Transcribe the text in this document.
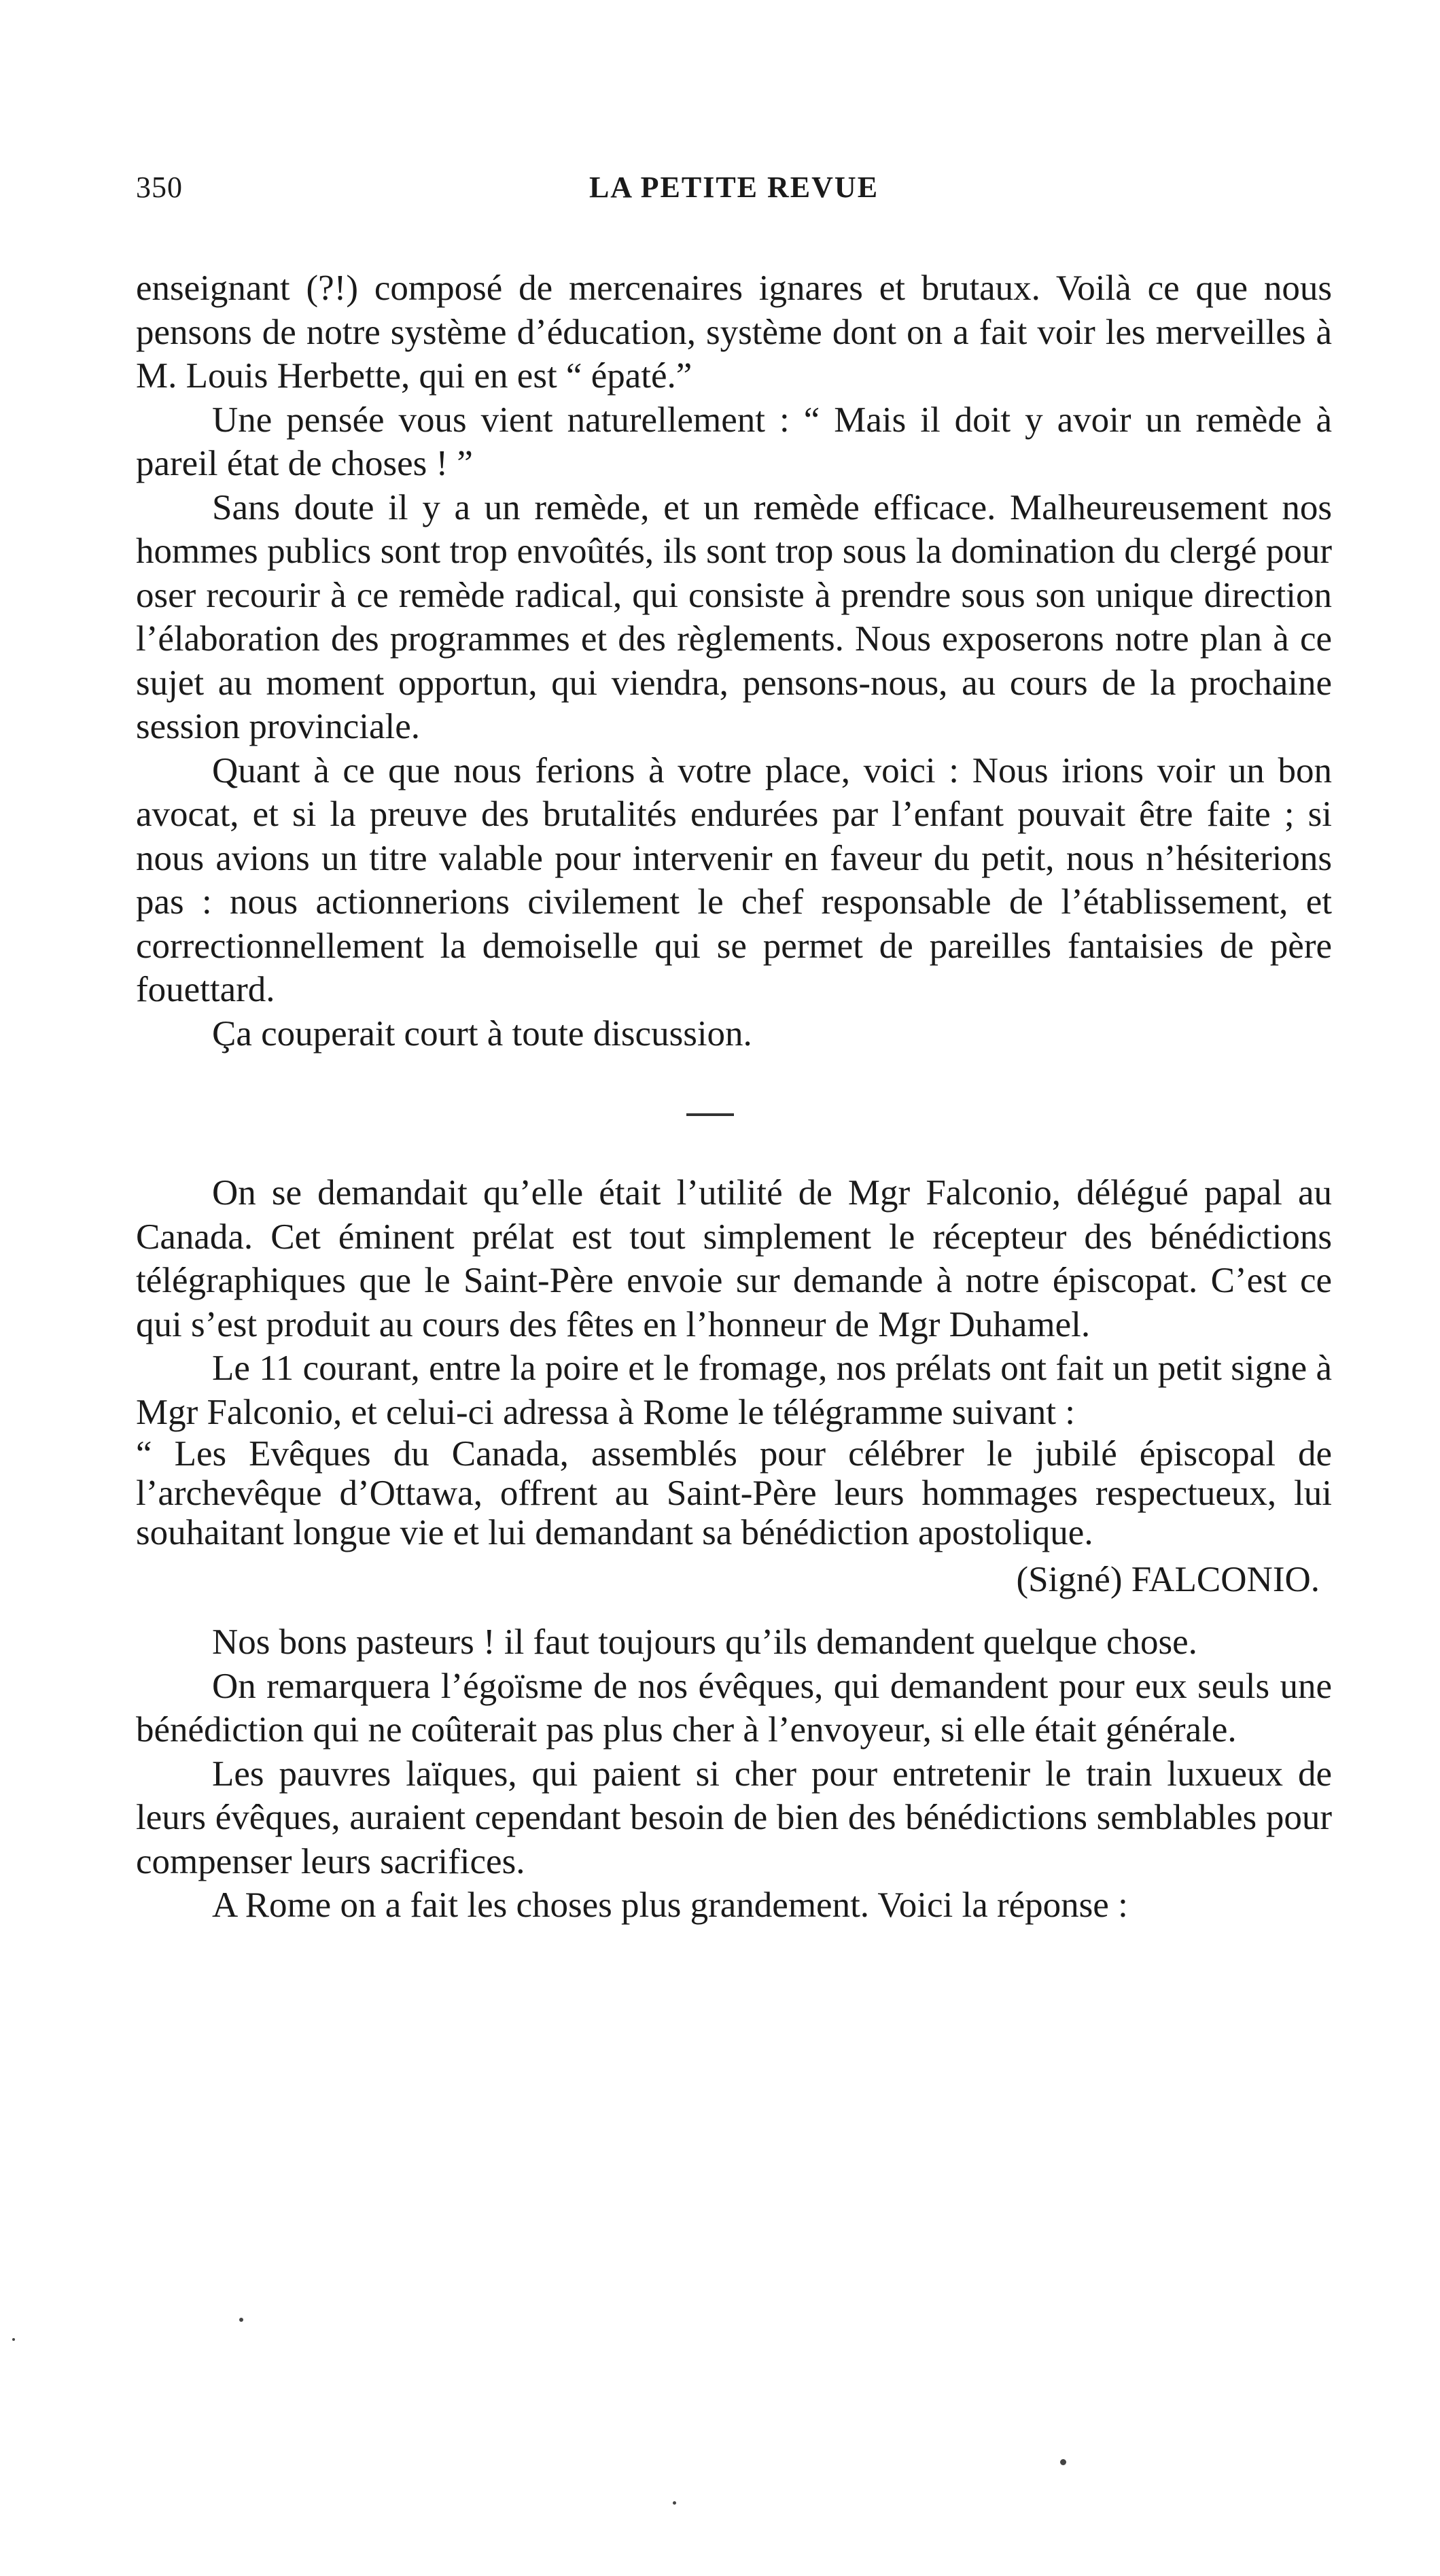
350	LA PETITE REVUE

enseignant (?!) composé de mercenaires ignares et brutaux. Voilà ce que nous pensons de notre système d’éducation, système dont on a fait voir les merveilles à M. Louis Herbette, qui en est “ épaté.”

Une pensée vous vient naturellement : “ Mais il doit y avoir un remède à pareil état de choses ! ”

Sans doute il y a un remède, et un remède efficace. Malheureusement nos hommes publics sont trop envoûtés, ils sont trop sous la domination du clergé pour oser recourir à ce remède radical, qui consiste à prendre sous son unique direction l’élaboration des programmes et des règlements. Nous exposerons notre plan à ce sujet au moment opportun, qui viendra, pensons-nous, au cours de la prochaine session provinciale.

Quant à ce que nous ferions à votre place, voici : Nous irions voir un bon avocat, et si la preuve des brutalités endurées par l’enfant pouvait être faite ; si nous avions un titre valable pour intervenir en faveur du petit, nous n’hésiterions pas : nous actionnerions civilement le chef responsable de l’établissement, et correctionnellement la demoiselle qui se permet de pareilles fantaisies de père fouettard.

Ça couperait court à toute discussion.

On se demandait qu’elle était l’utilité de Mgr Falconio, délégué papal au Canada. Cet éminent prélat est tout simplement le récepteur des bénédictions télégraphiques que le Saint-Père envoie sur demande à notre épiscopat. C’est ce qui s’est produit au cours des fêtes en l’honneur de Mgr Duhamel.

Le 11 courant, entre la poire et le fromage, nos prélats ont fait un petit signe à Mgr Falconio, et celui-ci adressa à Rome le télégramme suivant :

“ Les Evêques du Canada, assemblés pour célébrer le jubilé épiscopal de l’archevêque d’Ottawa, offrent au Saint-Père leurs hommages respectueux, lui souhaitant longue vie et lui demandant sa bénédiction apostolique.

(Signé) FALCONIO.

Nos bons pasteurs ! il faut toujours qu’ils demandent quelque chose.

On remarquera l’égoïsme de nos évêques, qui demandent pour eux seuls une bénédiction qui ne coûterait pas plus cher à l’envoyeur, si elle était générale.

Les pauvres laïques, qui paient si cher pour entretenir le train luxueux de leurs évêques, auraient cependant besoin de bien des bénédictions semblables pour compenser leurs sacrifices.

A Rome on a fait les choses plus grandement. Voici la réponse :
